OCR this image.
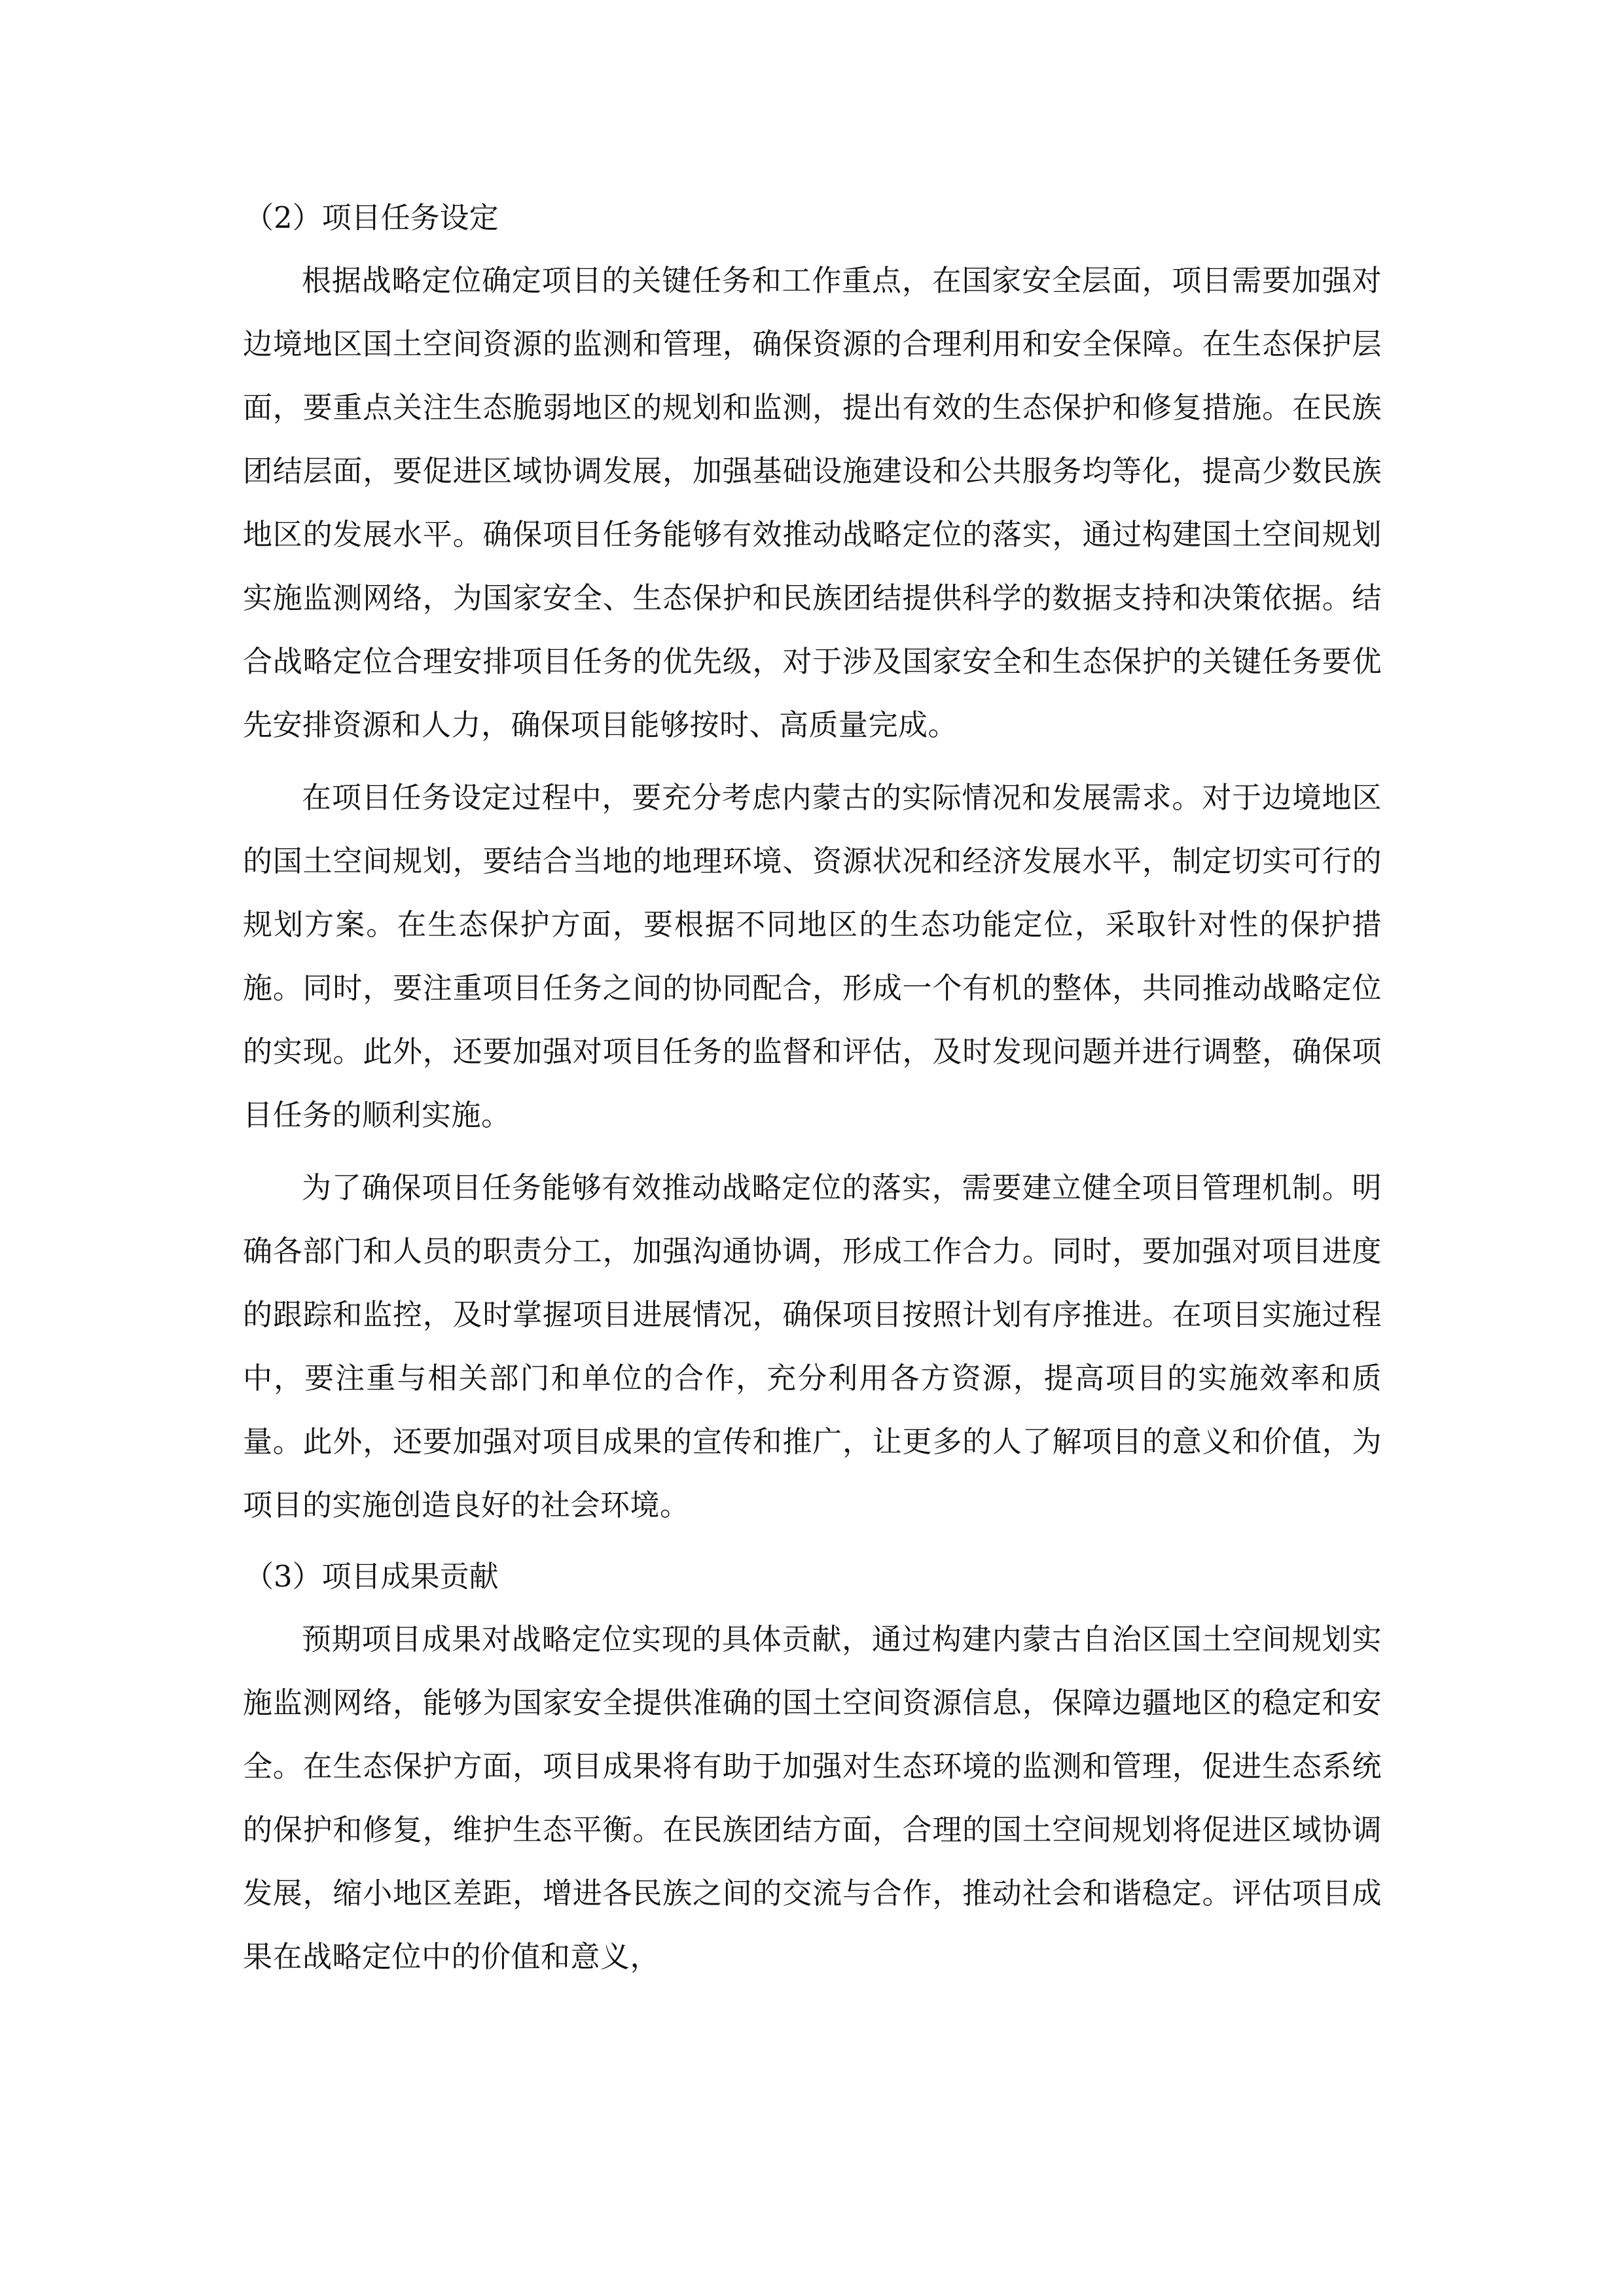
（2）项目任务设定

根据战略定位确定项目的关键任务和工作重点，在国家安全层面，项目需要加强对边境地区国土空间资源的监测和管理，确保资源的合理利用和安全保障。在生态保护层面，要重点关注生态脆弱地区的规划和监测，提出有效的生态保护和修复措施。在民族团结层面，要促进区域协调发展，加强基础设施建设和公共服务均等化，提高少数民族地区的发展水平。确保项目任务能够有效推动战略定位的落实，通过构建国土空间规划实施监测网络，为国家安全、生态保护和民族团结提供科学的数据支持和决策依据。结合战略定位合理安排项目任务的优先级，对于涉及国家安全和生态保护的关键任务要优先安排资源和人力，确保项目能够按时、高质量完成。

在项目任务设定过程中，要充分考虑内蒙古的实际情况和发展需求。对于边境地区的国土空间规划，要结合当地的地理环境、资源状况和经济发展水平，制定切实可行的规划方案。在生态保护方面，要根据不同地区的生态功能定位，采取针对性的保护措施。同时，要注重项目任务之间的协同配合，形成一个有机的整体，共同推动战略定位的实现。此外，还要加强对项目任务的监督和评估，及时发现问题并进行调整，确保项目任务的顺利实施。

为了确保项目任务能够有效推动战略定位的落实，需要建立健全项目管理机制。明确各部门和人员的职责分工，加强沟通协调，形成工作合力。同时，要加强对项目进度的跟踪和监控，及时掌握项目进展情况，确保项目按照计划有序推进。在项目实施过程中，要注重与相关部门和单位的合作，充分利用各方资源，提高项目的实施效率和质量。此外，还要加强对项目成果的宣传和推广，让更多的人了解项目的意义和价值，为项目的实施创造良好的社会环境。

（3）项目成果贡献

预期项目成果对战略定位实现的具体贡献，通过构建内蒙古自治区国土空间规划实施监测网络，能够为国家安全提供准确的国土空间资源信息，保障边疆地区的稳定和安全。在生态保护方面，项目成果将有助于加强对生态环境的监测和管理，促进生态系统的保护和修复，维护生态平衡。在民族团结方面，合理的国土空间规划将促进区域协调发展，缩小地区差距，增进各民族之间的交流与合作，推动社会和谐稳定。评估项目成果在战略定位中的价值和意义，
